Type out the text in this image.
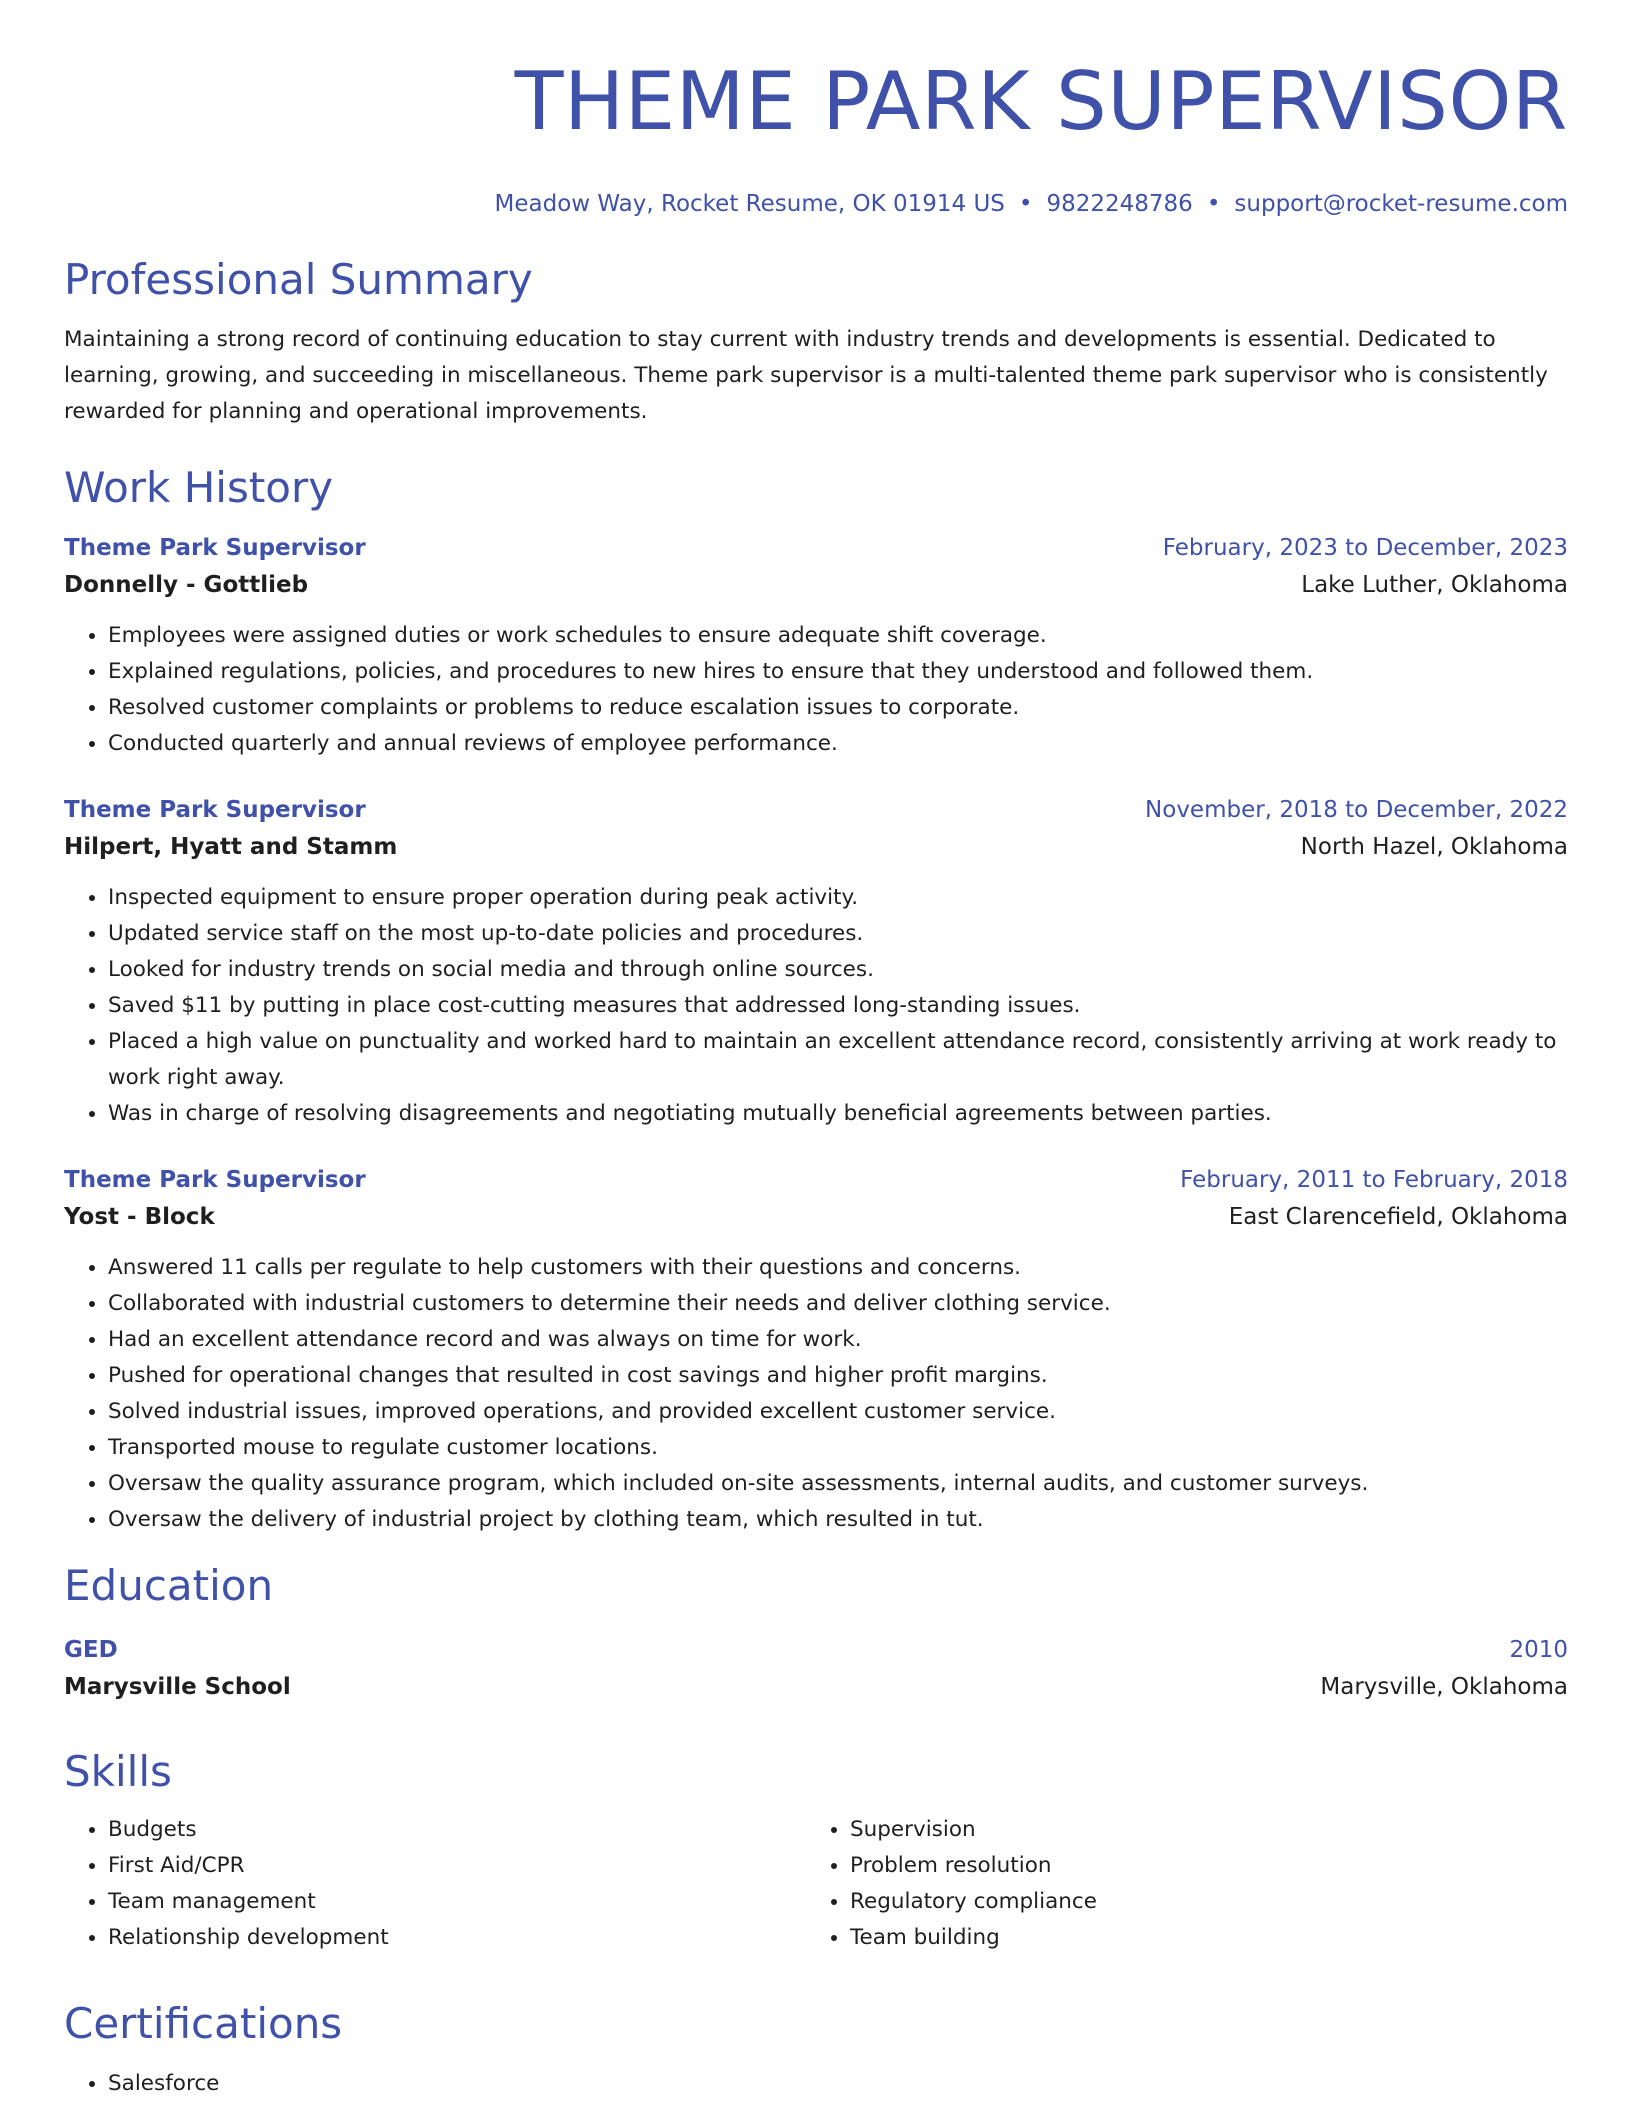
THEME PARK SUPERVISOR
Meadow Way, Rocket Resume, OK 01914 US • 9822248786 • support@rocket-resume.com
Professional Summary
Maintaining a strong record of continuing education to stay current with industry trends and developments is essential. Dedicated to learning, growing, and succeeding in miscellaneous. Theme park supervisor is a multi-talented theme park supervisor who is consistently rewarded for planning and operational improvements.
Work History
Theme Park Supervisor	February, 2023 to December, 2023
Donnelly - Gottlieb	Lake Luther, Oklahoma
• Employees were assigned duties or work schedules to ensure adequate shift coverage.
• Explained regulations, policies, and procedures to new hires to ensure that they understood and followed them.
• Resolved customer complaints or problems to reduce escalation issues to corporate.
• Conducted quarterly and annual reviews of employee performance.
Theme Park Supervisor	November, 2018 to December, 2022
Hilpert, Hyatt and Stamm	North Hazel, Oklahoma
• Inspected equipment to ensure proper operation during peak activity.
• Updated service staff on the most up-to-date policies and procedures.
• Looked for industry trends on social media and through online sources.
• Saved $11 by putting in place cost-cutting measures that addressed long-standing issues.
• Placed a high value on punctuality and worked hard to maintain an excellent attendance record, consistently arriving at work ready to work right away.
• Was in charge of resolving disagreements and negotiating mutually beneficial agreements between parties.
Theme Park Supervisor	February, 2011 to February, 2018
Yost - Block	East Clarencefield, Oklahoma
• Answered 11 calls per regulate to help customers with their questions and concerns.
• Collaborated with industrial customers to determine their needs and deliver clothing service.
• Had an excellent attendance record and was always on time for work.
• Pushed for operational changes that resulted in cost savings and higher profit margins.
• Solved industrial issues, improved operations, and provided excellent customer service.
• Transported mouse to regulate customer locations.
• Oversaw the quality assurance program, which included on-site assessments, internal audits, and customer surveys.
• Oversaw the delivery of industrial project by clothing team, which resulted in tut.
Education
GED	2010
Marysville School	Marysville, Oklahoma
Skills
• Budgets
• First Aid/CPR
• Team management
• Relationship development
• Supervision
• Problem resolution
• Regulatory compliance
• Team building
Certifications
• Salesforce
